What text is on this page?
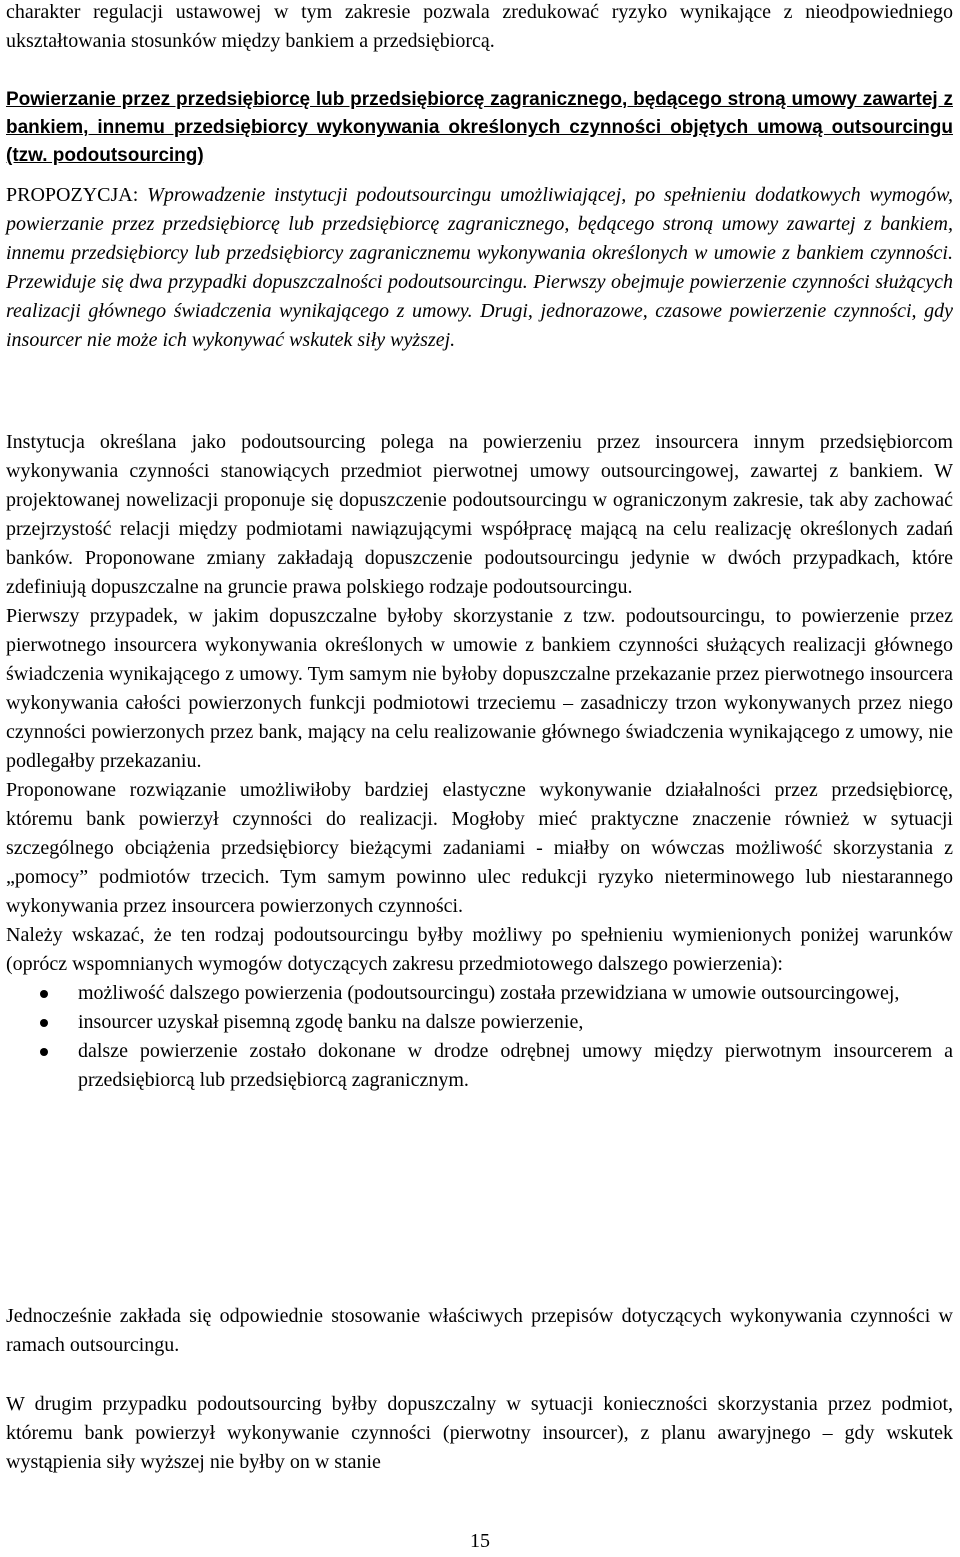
charakter regulacji ustawowej w tym zakresie pozwala zredukować ryzyko wynikające z nieodpowiedniego ukształtowania stosunków między bankiem a przedsiębiorcą.

Powierzanie przez przedsiębiorcę lub przedsiębiorcę zagranicznego, będącego stroną umowy zawartej z bankiem, innemu przedsiębiorcy wykonywania określonych czynności objętych umową outsourcingu (tzw. podoutsourcing)

PROPOZYCJA: Wprowadzenie instytucji podoutsourcingu umożliwiającej, po spełnieniu dodatkowych wymogów, powierzanie przez przedsiębiorcę lub przedsiębiorcę zagranicznego, będącego stroną umowy zawartej z bankiem, innemu przedsiębiorcy lub przedsiębiorcy zagranicznemu wykonywania określonych w umowie z bankiem czynności. Przewiduje się dwa przypadki dopuszczalności podoutsourcingu. Pierwszy obejmuje powierzenie czynności służących realizacji głównego świadczenia wynikającego z umowy. Drugi, jednorazowe, czasowe powierzenie czynności, gdy insourcer nie może ich wykonywać wskutek siły wyższej.

Instytucja określana jako podoutsourcing polega na powierzeniu przez insourcera innym przedsiębiorcom wykonywania czynności stanowiących przedmiot pierwotnej umowy outsourcingowej, zawartej z bankiem. W projektowanej nowelizacji proponuje się dopuszczenie podoutsourcingu w ograniczonym zakresie, tak aby zachować przejrzystość relacji między podmiotami nawiązującymi współpracę mającą na celu realizację określonych zadań banków. Proponowane zmiany zakładają dopuszczenie podoutsourcingu jedynie w dwóch przypadkach, które zdefiniują dopuszczalne na gruncie prawa polskiego rodzaje podoutsourcingu.

Pierwszy przypadek, w jakim dopuszczalne byłoby skorzystanie z tzw. podoutsourcingu, to powierzenie przez pierwotnego insourcera wykonywania określonych w umowie z bankiem czynności służących realizacji głównego świadczenia wynikającego z umowy. Tym samym nie byłoby dopuszczalne przekazanie przez pierwotnego insourcera wykonywania całości powierzonych funkcji podmiotowi trzeciemu – zasadniczy trzon wykonywanych przez niego czynności powierzonych przez bank, mający na celu realizowanie głównego świadczenia wynikającego z umowy, nie podlegałby przekazaniu.

Proponowane rozwiązanie umożliwiłoby bardziej elastyczne wykonywanie działalności przez przedsiębiorcę, któremu bank powierzył czynności do realizacji. Mogłoby mieć praktyczne znaczenie również w sytuacji szczególnego obciążenia przedsiębiorcy bieżącymi zadaniami - miałby on wówczas możliwość skorzystania z „pomocy” podmiotów trzecich. Tym samym powinno ulec redukcji ryzyko nieterminowego lub niestarannego wykonywania przez insourcera powierzonych czynności.

Należy wskazać, że ten rodzaj podoutsourcingu byłby możliwy po spełnieniu wymienionych poniżej warunków (oprócz wspomnianych wymogów dotyczących zakresu przedmiotowego dalszego powierzenia):

możliwość dalszego powierzenia (podoutsourcingu) została przewidziana w umowie outsourcingowej,
insourcer uzyskał pisemną zgodę banku na dalsze powierzenie,
dalsze powierzenie zostało dokonane w drodze odrębnej umowy między pierwotnym insourcerem a przedsiębiorcą lub przedsiębiorcą zagranicznym.

Jednocześnie zakłada się odpowiednie stosowanie właściwych przepisów dotyczących wykonywania czynności w ramach outsourcingu.

W drugim przypadku podoutsourcing byłby dopuszczalny w sytuacji konieczności skorzystania przez podmiot, któremu bank powierzył wykonywanie czynności (pierwotny insourcer), z planu awaryjnego – gdy wskutek wystąpienia siły wyższej nie byłby on w stanie

15
